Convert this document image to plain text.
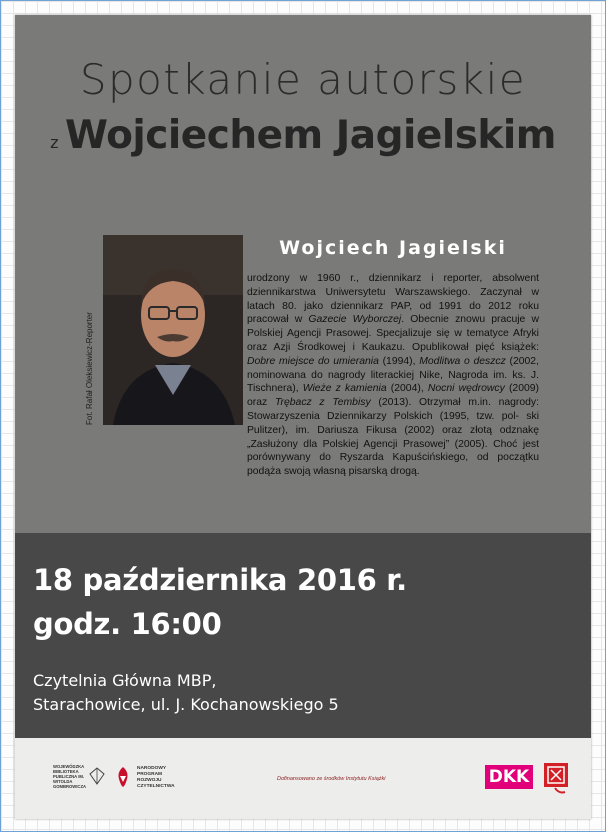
Spotkanie autorskie
z Wojciechem Jagielskim
Fot. Rafał Oleksiewicz-Reporter
Wojciech Jagielski
urodzony w 1960 r., dziennikarz i reporter, absolwent dziennikarstwa Uniwersytetu Warszawskiego. Zaczynał w latach 80. jako dziennikarz PAP, od 1991 do 2012 roku pracował w Gazecie Wyborczej. Obecnie znowu pracuje w Polskiej Agencji Prasowej. Specjalizuje się w tematyce Afryki oraz Azji Środkowej i Kaukazu. Opublikował pięć książek: Dobre miejsce do umierania (1994), Modlitwa o deszcz (2002, nominowana do nagrody literackiej Nike, Nagroda im. ks. J. Tischnera), Wieże z kamienia (2004), Nocni wędrowcy (2009) oraz Trębacz z Tembisy (2013). Otrzymał m.in. nagrody: Stowarzyszenia Dziennikarzy Polskich (1995, tzw. pol- ski Pulitzer), im. Dariusza Fikusa (2002) oraz złotą odznakę „Zasłużony dla Polskiej Agencji Prasowej” (2005). Choć jest porównywany do Ryszarda Kapuścińskiego, od początku podąża swoją własną pisarską drogą.
18 października 2016 r.
godz. 16:00
Czytelnia Główna MBP,
Starachowice, ul. J. Kochanowskiego 5
WOJEWÓDZKA BIBLIOTEKA PUBLICZNA IM. WITOLDA GOMBROWICZA
NARODOWY PROGRAM ROZWOJU CZYTELNICTWA
Dofinansowano ze środków Instytutu Książki	DKK
